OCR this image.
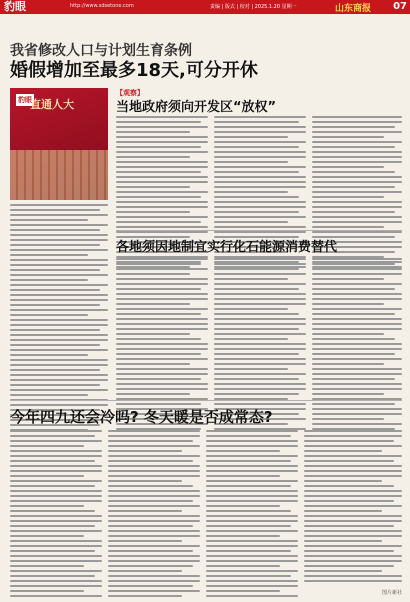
豹眼	http://www.sdsetone.com	责编 | 版式 | 校对 | 2025.1.20 星期一	山东商报 07
我省修改人口与计划生育条例
婚假增加至最多18天,可分开休
豹眼
直通人大
【观察】
当地政府须向开发区“放权”
各地须因地制宜实行化石能源消费替代
今年四九还会冷吗? 冬天暖是否成常态?
图片新社
